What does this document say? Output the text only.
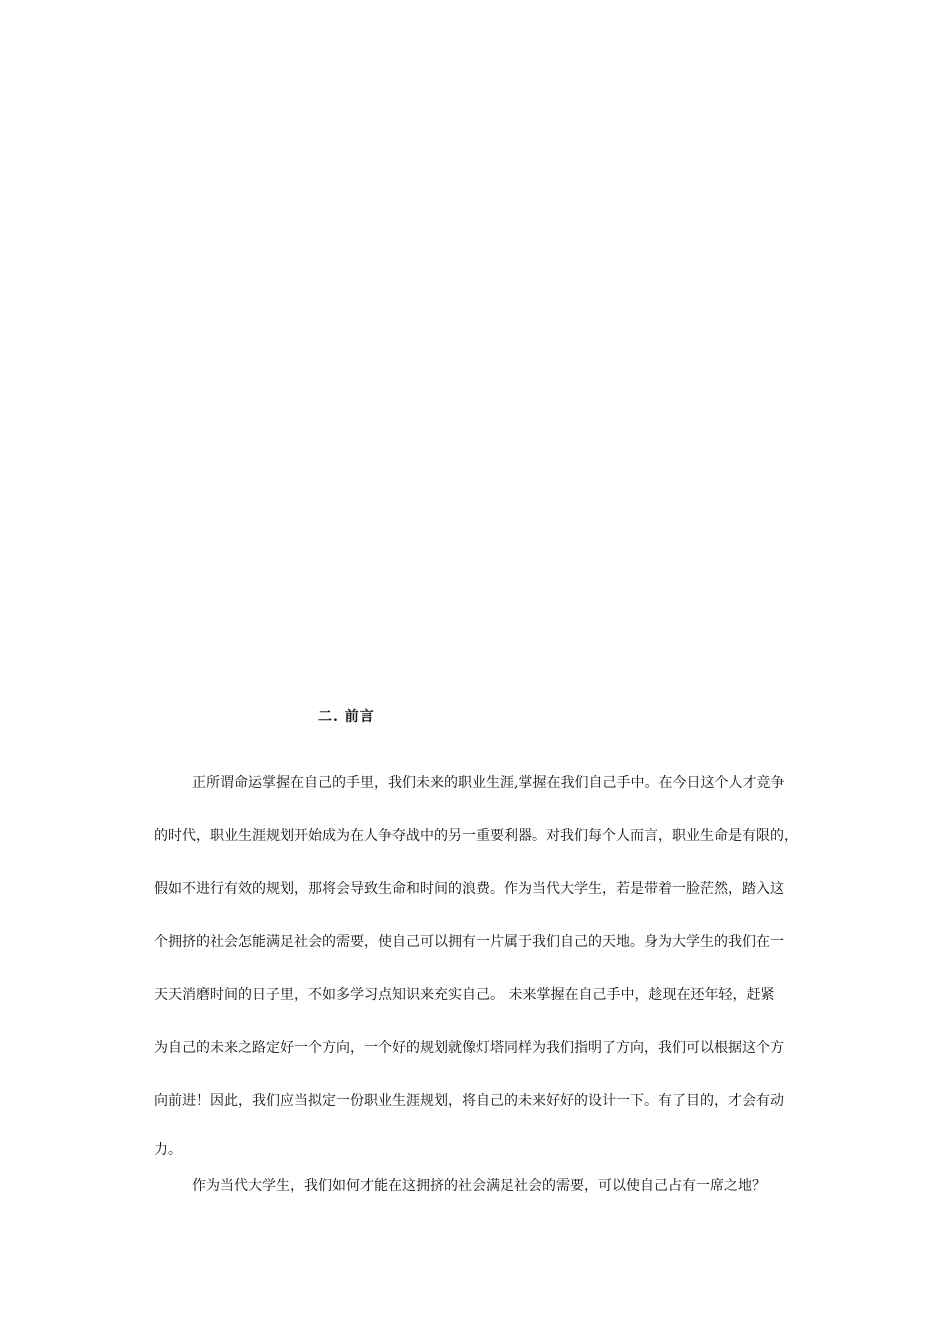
二. 前言
正所谓命运掌握在自己的手里，我们未来的职业生涯,掌握在我们自己手中。在今日这个人才竞争
的时代，职业生涯规划开始成为在人争夺战中的另一重要利器。对我们每个人而言，职业生命是有限的，
假如不进行有效的规划，那将会导致生命和时间的浪费。作为当代大学生，若是带着一脸茫然，踏入这
个拥挤的社会怎能满足社会的需要，使自己可以拥有一片属于我们自己的天地。身为大学生的我们在一
天天消磨时间的日子里，不如多学习点知识来充实自己。 未来掌握在自己手中，趁现在还年轻，赶紧
为自己的未来之路定好一个方向，一个好的规划就像灯塔同样为我们指明了方向，我们可以根据这个方
向前进！因此，我们应当拟定一份职业生涯规划，将自己的未来好好的设计一下。有了目的，才会有动
力。
作为当代大学生，我们如何才能在这拥挤的社会满足社会的需要，可以使自己占有一席之地？
